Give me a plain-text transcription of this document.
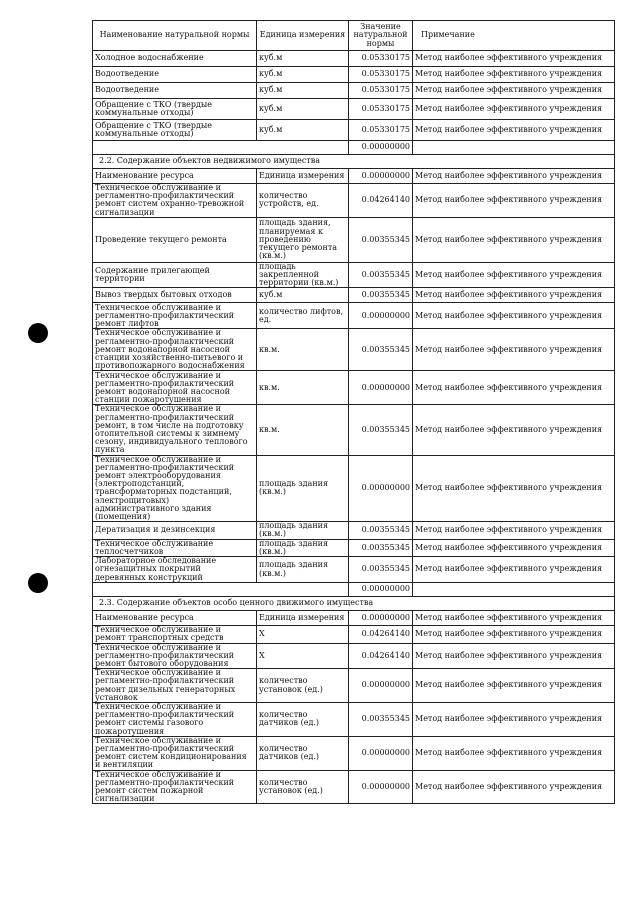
Наименование натуральной нормы	Единица измерения	Значение натуральной нормы	Примечание
Холодное водоснабжение	куб.м	0.05330175	Метод наиболее эффективного учреждения
Водоотведение	куб.м	0.05330175	Метод наиболее эффективного учреждения
Водоотведение	куб.м	0.05330175	Метод наиболее эффективного учреждения
Обращение с ТКО (твердые коммунальные отходы)	куб.м	0.05330175	Метод наиболее эффективного учреждения
Обращение с ТКО (твердые коммунальные отходы)	куб.м	0.05330175	Метод наиболее эффективного учреждения
		0.00000000	
2.2. Содержание объектов недвижимого имущества			
Наименование ресурса	Единица измерения	0.00000000	Метод наиболее эффективного учреждения
Техническое обслуживание и регламентно-профилактический ремонт систем охранно-тревожной сигнализации	количество устройств, ед.	0.04264140	Метод наиболее эффективного учреждения
Проведение текущего ремонта	площадь здания, планируемая к проведению текущего ремонта (кв.м.)	0.00355345	Метод наиболее эффективного учреждения
Содержание прилегающей территории	площадь закрепленной территории (кв.м.)	0.00355345	Метод наиболее эффективного учреждения
Вывоз твердых бытовых отходов	куб.м	0.00355345	Метод наиболее эффективного учреждения
Техническое обслуживание и регламентно-профилактический ремонт лифтов	количество лифтов, ед.	0.00000000	Метод наиболее эффективного учреждения
Техническое обслуживание и регламентно-профилактический ремонт водонапорной насосной станции хозяйственно-питьевого и противопожарного водоснабжения	кв.м.	0.00355345	Метод наиболее эффективного учреждения
Техническое обслуживание и регламентно-профилактический ремонт водонапорной насосной станции пожаротушения	кв.м.	0.00000000	Метод наиболее эффективного учреждения
Техническое обслуживание и регламентно-профилактический ремонт, в том числе на подготовку отопительной системы к зимнему сезону, индивидуального теплового пункта	кв.м.	0.00355345	Метод наиболее эффективного учреждения
Техническое обслуживание и регламентно-профилактический ремонт электрооборудования (электроподстанций, трансформаторных подстанций, электрощитовых) административного здания (помещения)	площадь здания (кв.м.)	0.00000000	Метод наиболее эффективного учреждения
Дератизация и дезинсекция	площадь здания (кв.м.)	0.00355345	Метод наиболее эффективного учреждения
Техническое обслуживание теплосчетчиков	площадь здания (кв.м.)	0.00355345	Метод наиболее эффективного учреждения
Лабораторное обследование огнезащитных покрытий деревянных конструкций	площадь здания (кв.м.)	0.00355345	Метод наиболее эффективного учреждения
		0.00000000	
2.3. Содержание объектов особо ценного движимого имущества			
Наименование ресурса	Единица измерения	0.00000000	Метод наиболее эффективного учреждения
Техническое обслуживание и ремонт транспортных средств	X	0.04264140	Метод наиболее эффективного учреждения
Техническое обслуживание и регламентно-профилактический ремонт бытового оборудования	X	0.04264140	Метод наиболее эффективного учреждения
Техническое обслуживание и регламентно-профилактический ремонт дизельных генераторных установок	количество установок (ед.)	0.00000000	Метод наиболее эффективного учреждения
Техническое обслуживание и регламентно-профилактический ремонт системы газового пожаротушения	количество датчиков (ед.)	0.00355345	Метод наиболее эффективного учреждения
Техническое обслуживание и регламентно-профилактический ремонт систем кондиционирования и вентиляции	количество датчиков (ед.)	0.00000000	Метод наиболее эффективного учреждения
Техническое обслуживание и регламентно-профилактический ремонт систем пожарной сигнализации	количество установок (ед.)	0.00000000	Метод наиболее эффективного учреждения
